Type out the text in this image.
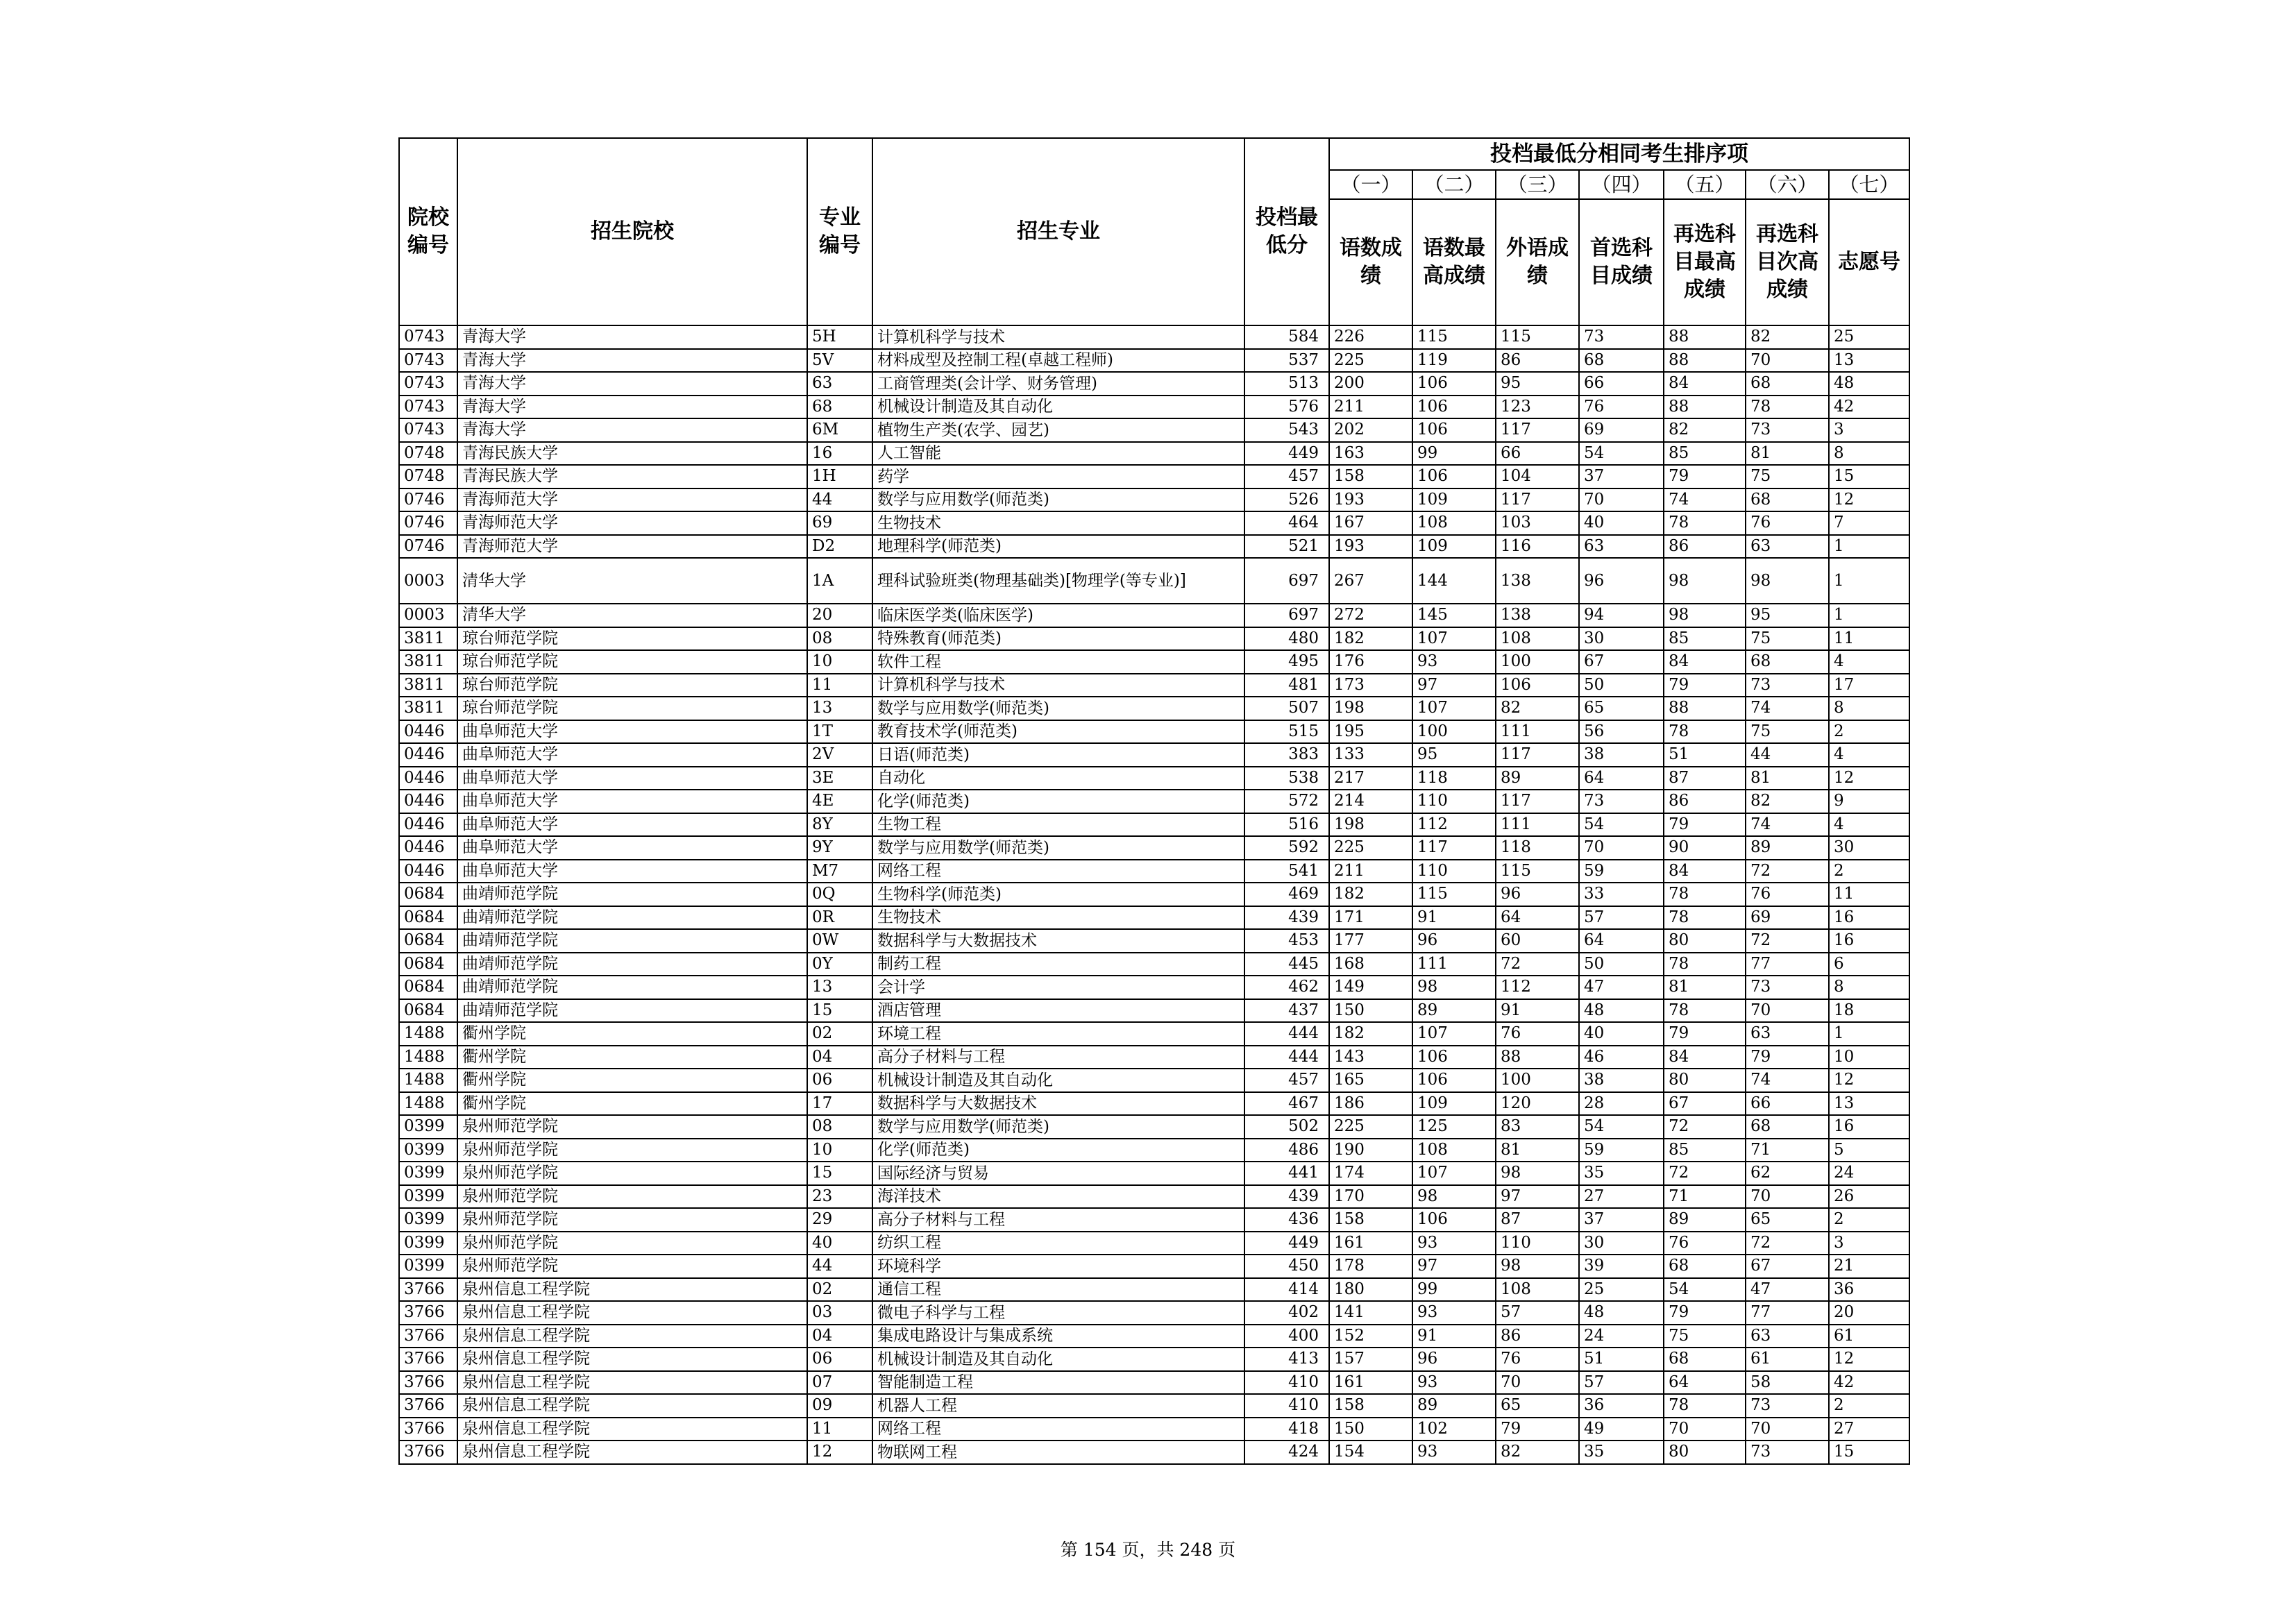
院校编号	招生院校	专业编号	招生专业	投档最低分	投档最低分相同考生排序项						
					（一）	（二）	（三）	（四）	（五）	（六）	（七）
					语数成绩	语数最高成绩	外语成绩	首选科目成绩	再选科目最高成绩	再选科目次高成绩	志愿号
0743	青海大学	5H	计算机科学与技术	584	226	115	115	73	88	82	25
0743	青海大学	5V	材料成型及控制工程(卓越工程师)	537	225	119	86	68	88	70	13
0743	青海大学	63	工商管理类(会计学、财务管理)	513	200	106	95	66	84	68	48
0743	青海大学	68	机械设计制造及其自动化	576	211	106	123	76	88	78	42
0743	青海大学	6M	植物生产类(农学、园艺)	543	202	106	117	69	82	73	3
0748	青海民族大学	16	人工智能	449	163	99	66	54	85	81	8
0748	青海民族大学	1H	药学	457	158	106	104	37	79	75	15
0746	青海师范大学	44	数学与应用数学(师范类)	526	193	109	117	70	74	68	12
0746	青海师范大学	69	生物技术	464	167	108	103	40	78	76	7
0746	青海师范大学	D2	地理科学(师范类)	521	193	109	116	63	86	63	1
0003	清华大学	1A	理科试验班类(物理基础类)[物理学(等专业)]	697	267	144	138	96	98	98	1
0003	清华大学	20	临床医学类(临床医学)	697	272	145	138	94	98	95	1
3811	琼台师范学院	08	特殊教育(师范类)	480	182	107	108	30	85	75	11
3811	琼台师范学院	10	软件工程	495	176	93	100	67	84	68	4
3811	琼台师范学院	11	计算机科学与技术	481	173	97	106	50	79	73	17
3811	琼台师范学院	13	数学与应用数学(师范类)	507	198	107	82	65	88	74	8
0446	曲阜师范大学	1T	教育技术学(师范类)	515	195	100	111	56	78	75	2
0446	曲阜师范大学	2V	日语(师范类)	383	133	95	117	38	51	44	4
0446	曲阜师范大学	3E	自动化	538	217	118	89	64	87	81	12
0446	曲阜师范大学	4E	化学(师范类)	572	214	110	117	73	86	82	9
0446	曲阜师范大学	8Y	生物工程	516	198	112	111	54	79	74	4
0446	曲阜师范大学	9Y	数学与应用数学(师范类)	592	225	117	118	70	90	89	30
0446	曲阜师范大学	M7	网络工程	541	211	110	115	59	84	72	2
0684	曲靖师范学院	0Q	生物科学(师范类)	469	182	115	96	33	78	76	11
0684	曲靖师范学院	0R	生物技术	439	171	91	64	57	78	69	16
0684	曲靖师范学院	0W	数据科学与大数据技术	453	177	96	60	64	80	72	16
0684	曲靖师范学院	0Y	制药工程	445	168	111	72	50	78	77	6
0684	曲靖师范学院	13	会计学	462	149	98	112	47	81	73	8
0684	曲靖师范学院	15	酒店管理	437	150	89	91	48	78	70	18
1488	衢州学院	02	环境工程	444	182	107	76	40	79	63	1
1488	衢州学院	04	高分子材料与工程	444	143	106	88	46	84	79	10
1488	衢州学院	06	机械设计制造及其自动化	457	165	106	100	38	80	74	12
1488	衢州学院	17	数据科学与大数据技术	467	186	109	120	28	67	66	13
0399	泉州师范学院	08	数学与应用数学(师范类)	502	225	125	83	54	72	68	16
0399	泉州师范学院	10	化学(师范类)	486	190	108	81	59	85	71	5
0399	泉州师范学院	15	国际经济与贸易	441	174	107	98	35	72	62	24
0399	泉州师范学院	23	海洋技术	439	170	98	97	27	71	70	26
0399	泉州师范学院	29	高分子材料与工程	436	158	106	87	37	89	65	2
0399	泉州师范学院	40	纺织工程	449	161	93	110	30	76	72	3
0399	泉州师范学院	44	环境科学	450	178	97	98	39	68	67	21
3766	泉州信息工程学院	02	通信工程	414	180	99	108	25	54	47	36
3766	泉州信息工程学院	03	微电子科学与工程	402	141	93	57	48	79	77	20
3766	泉州信息工程学院	04	集成电路设计与集成系统	400	152	91	86	24	75	63	61
3766	泉州信息工程学院	06	机械设计制造及其自动化	413	157	96	76	51	68	61	12
3766	泉州信息工程学院	07	智能制造工程	410	161	93	70	57	64	58	42
3766	泉州信息工程学院	09	机器人工程	410	158	89	65	36	78	73	2
3766	泉州信息工程学院	11	网络工程	418	150	102	79	49	70	70	27
3766	泉州信息工程学院	12	物联网工程	424	154	93	82	35	80	73	15
第 154 页，共 248 页
